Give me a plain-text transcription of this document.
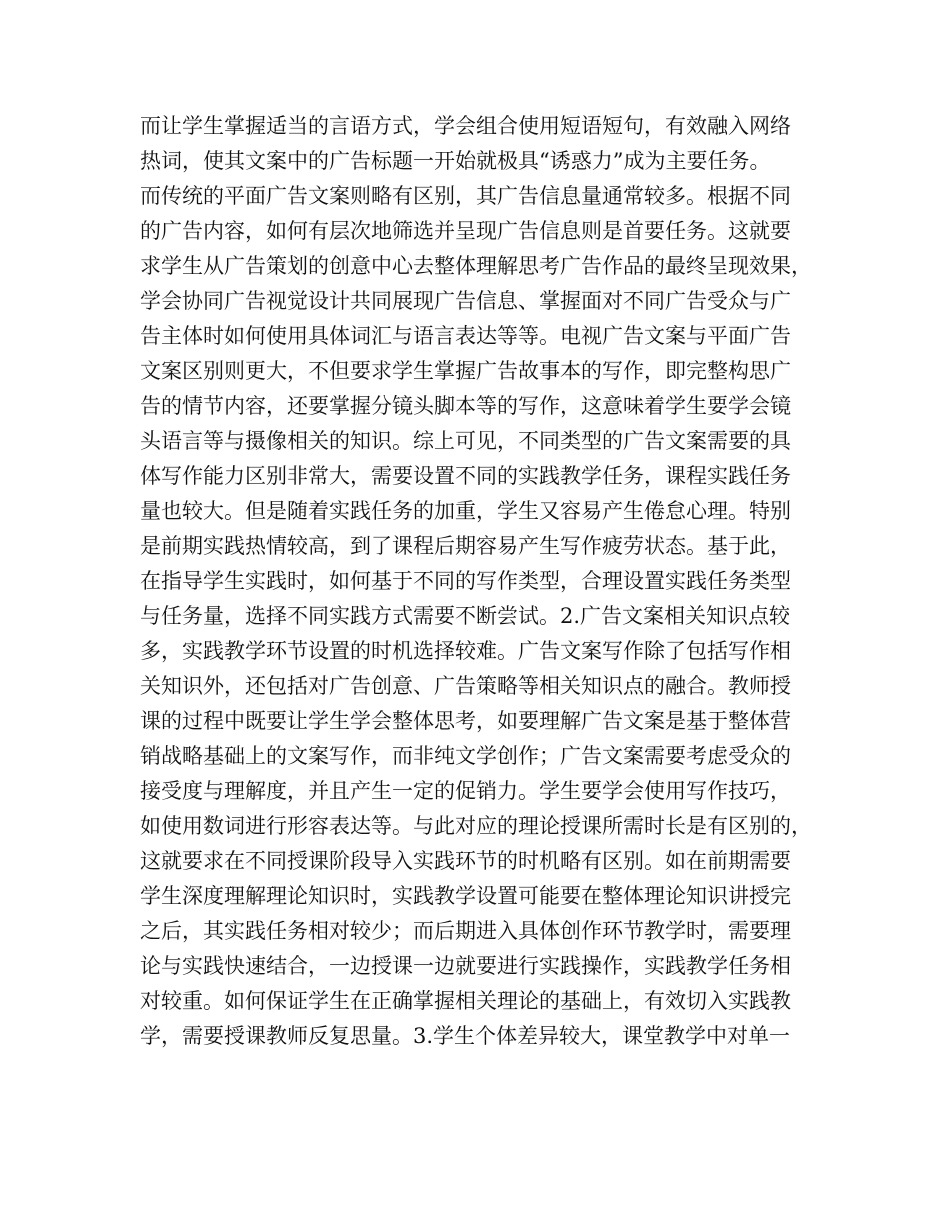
而让学生掌握适当的言语方式，学会组合使用短语短句，有效融入网络
热词，使其文案中的广告标题一开始就极具“诱惑力”成为主要任务。
而传统的平面广告文案则略有区别，其广告信息量通常较多。根据不同
的广告内容，如何有层次地筛选并呈现广告信息则是首要任务。这就要
求学生从广告策划的创意中心去整体理解思考广告作品的最终呈现效果，
学会协同广告视觉设计共同展现广告信息、掌握面对不同广告受众与广
告主体时如何使用具体词汇与语言表达等等。电视广告文案与平面广告
文案区别则更大，不但要求学生掌握广告故事本的写作，即完整构思广
告的情节内容，还要掌握分镜头脚本等的写作，这意味着学生要学会镜
头语言等与摄像相关的知识。综上可见，不同类型的广告文案需要的具
体写作能力区别非常大，需要设置不同的实践教学任务，课程实践任务
量也较大。但是随着实践任务的加重，学生又容易产生倦怠心理。特别
是前期实践热情较高，到了课程后期容易产生写作疲劳状态。基于此，
在指导学生实践时，如何基于不同的写作类型，合理设置实践任务类型
与任务量，选择不同实践方式需要不断尝试。2.广告文案相关知识点较
多，实践教学环节设置的时机选择较难。广告文案写作除了包括写作相
关知识外，还包括对广告创意、广告策略等相关知识点的融合。教师授
课的过程中既要让学生学会整体思考，如要理解广告文案是基于整体营
销战略基础上的文案写作，而非纯文学创作；广告文案需要考虑受众的
接受度与理解度，并且产生一定的促销力。学生要学会使用写作技巧，
如使用数词进行形容表达等。与此对应的理论授课所需时长是有区别的，
这就要求在不同授课阶段导入实践环节的时机略有区别。如在前期需要
学生深度理解理论知识时，实践教学设置可能要在整体理论知识讲授完
之后，其实践任务相对较少；而后期进入具体创作环节教学时，需要理
论与实践快速结合，一边授课一边就要进行实践操作，实践教学任务相
对较重。如何保证学生在正确掌握相关理论的基础上，有效切入实践教
学，需要授课教师反复思量。3.学生个体差异较大，课堂教学中对单一
